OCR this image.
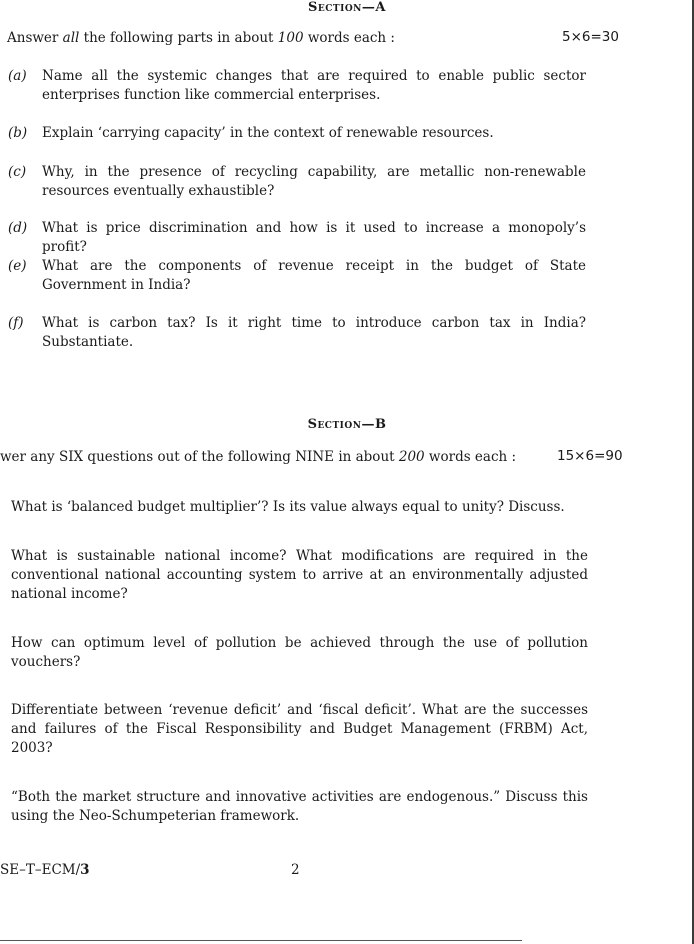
Section—A
Answer all the following parts in about 100 words each :	5×6=30
(a) Name all the systemic changes that are required to enable public sector enterprises function like commercial enterprises.
(b) Explain ‘carrying capacity’ in the context of renewable resources.
(c) Why, in the presence of recycling capability, are metallic non-renewable resources eventually exhaustible?
(d) What is price discrimination and how is it used to increase a monopoly’s profit?
(e) What are the components of revenue receipt in the budget of State Government in India?
(f) What is carbon tax? Is it right time to introduce carbon tax in India? Substantiate.
Section—B
wer any SIX questions out of the following NINE in about 200 words each :	15×6=90
What is ‘balanced budget multiplier’? Is its value always equal to unity? Discuss.
What is sustainable national income? What modifications are required in the conventional national accounting system to arrive at an environmentally adjusted national income?
How can optimum level of pollution be achieved through the use of pollution vouchers?
Differentiate between ‘revenue deficit’ and ‘fiscal deficit’. What are the successes and failures of the Fiscal Responsibility and Budget Management (FRBM) Act, 2003?
“Both the market structure and innovative activities are endogenous.” Discuss this using the Neo-Schumpeterian framework.
SE–T–ECM/3	2
